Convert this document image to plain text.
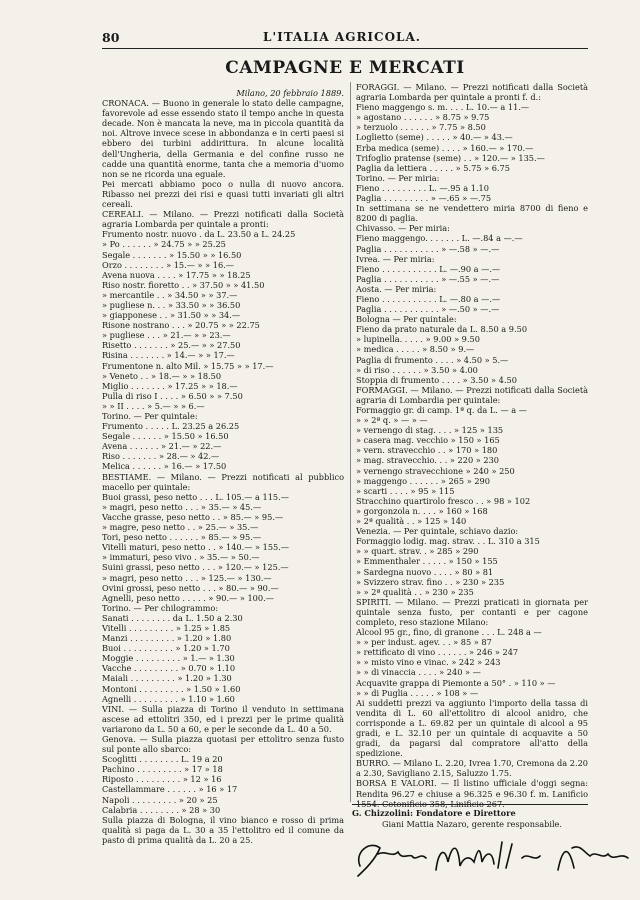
80	L'ITALIA AGRICOLA.
CAMPAGNE E MERCATI
Milano, 20 febbraio 1889.
CRONACA. — Buono in generale lo stato delle campagne, favorevole ad esse essendo stato il tempo anche in questa decade. Non è mancata la neve, ma in piccola quantità da noi. Altrove invece scese in abbondanza e in certi paesi si ebbero dei turbini addirittura. In alcune località dell'Ungheria, della Germania e del confine russo ne cadde una quantità enorme, tanta che a memoria d'uomo non se ne ricorda una eguale.
Pei mercati abbiamo poco o nulla di nuovo ancora. Ribasso nei prezzi dei risi e quasi tutti invariati gli altri cereali.
CEREALI. — Milano. — Prezzi notificati dalla Società agraria Lombarda per quintale a pronti:
Frumento nostr. nuovo . da L. 23.50 a L. 24.25
» Po . . . . . . » 24.75 » » 25.25
Segale . . . . . . . » 15.50 » » 16.50
Orzo . . . . . . . . » 15.— » » 16.—
Avena nuova . . . . » 17.75 » » 18.25
Riso nostr. fioretto . . » 37.50 » » 41.50
» mercantile . . » 34.50 » » 37.—
» pugliese n. . . » 33.50 » » 36.50
» giapponese . . » 31.50 » » 34.—
Risone nostrano . . . » 20.75 » » 22.75
» pugliese . . . » 21.— » » 23.—
Risetto . . . . . . . » 25.— » » 27.50
Risina . . . . . . . » 14.— » » 17.—
Frumentone n. alto Mil. » 15.75 » » 17.—
» Veneto . . » 18.— » » 18.50
Miglio . . . . . . . » 17.25 » » 18.—
Pulla di riso I . . . . » 6.50 » » 7.50
» » II . . . . » 5.— » » 6.—
Torino. — Per quintale:
Frumento . . . . . L. 23.25 a 26.25
Segale . . . . . . » 15.50 » 16.50
Avena . . . . . . » 21.— » 22.—
Riso . . . . . . . » 28.— » 42.—
Melica . . . . . . » 16.— » 17.50
BESTIAME. — Milano. — Prezzi notificati al pubblico macello per quintale:
Buoi grassi, peso netto . . . L. 105.— a 115.—
» magri, peso netto . . . » 35.— » 45.—
Vacche grasse, peso netto . . » 85.— » 95.—
» magre, peso netto . . » 25.— » 35.—
Tori, peso netto . . . . . . » 85.— » 95.—
Vitelli maturi, peso netto . . » 140.— » 155.—
» immaturi, peso vivo . » 35.— » 50.—
Suini grassi, peso netto . . . » 120.— » 125.—
» magri, peso netto . . . » 125.— » 130.—
Ovini grossi, peso netto . . . » 80.— » 90.—
Agnelli, peso netto . . . . . » 90.— » 100.—
Torino. — Per chilogrammo:
Sanati . . . . . . . . da L. 1.50 a 2.30
Vitelli . . . . . . . . . » 1.25 » 1.85
Manzi . . . . . . . . . » 1.20 » 1.80
Buoi . . . . . . . . . . » 1.20 » 1.70
Moggie . . . . . . . . . » 1.— » 1.30
Vacche . . . . . . . . . » 0.70 » 1.10
Maiali . . . . . . . . . » 1.20 » 1.30
Montoni . . . . . . . . . » 1.50 » 1.60
Agnelli . . . . . . . . . » 1.10 » 1.60
VINI. — Sulla piazza di Torino il venduto in settimana ascese ad ettolitri 350, ed i prezzi per le prime qualità variarono da L. 50 a 60, e per le seconde da L. 40 a 50.
Genova. — Sulla piazza quotasi per ettolitro senza fusto sul ponte allo sbarco:
Scoglitti . . . . . . . . L. 19 a 20
Pachino . . . . . . . . . » 17 » 18
Riposto . . . . . . . . . » 12 » 16
Castellammare . . . . . . » 16 » 17
Napoli . . . . . . . . . » 20 » 25
Calabria . . . . . . . . » 28 » 30
Sulla piazza di Bologna, il vino bianco e rosso di prima qualità si paga da L. 30 a 35 l'ettolitro ed il comune da pasto di prima qualità da L. 20 a 25.
FORAGGI. — Milano. — Prezzi notificati dalla Società agraria Lombarda per quintale a pronti f. d.:
Fieno maggengo s. m. . . . L. 10.— a 11.—
» agostano . . . . . . » 8.75 » 9.75
» terzuolo . . . . . . » 7.75 » 8.50
Loglietto (seme) . . . . . » 40.— » 43.—
Erba medica (seme) . . . . » 160.— » 170.—
Trifoglio pratense (seme) . . » 120.— » 135.—
Paglia da lettiera . . . . . » 5.75 » 6.75
Torino. — Per miria:
Fieno . . . . . . . . . L. —.95 a 1.10
Paglia . . . . . . . . . » —.65 » —.75
In settimana se ne vendettero miria 8700 di fieno e 8200 di paglia.
Chivasso. — Per miria:
Fieno maggengo. . . . . . . L. —.84 a —.—
Paglia . . . . . . . . . . . » —.58 » —.—
Ivrea. — Per miria:
Fieno . . . . . . . . . . . L. —.90 a —.—
Paglia . . . . . . . . . . . » —.55 » —.—
Aosta. — Per miria:
Fieno . . . . . . . . . . . L. —.80 a —.—
Paglia . . . . . . . . . . . » —.50 » —.—
Bologna — Per quintale:
Fieno da prato naturale da L. 8.50 a 9.50
» lupinella. . . . . » 9.00 » 9.50
» medica . . . . . » 8.50 » 9.—
Paglia di frumento . . . . » 4.50 » 5.—
» di riso . . . . . . » 3.50 » 4.00
Stoppia di frumento . . . . » 3.50 » 4.50
FORMAGGI. — Milano. — Prezzi notificati dalla Società agraria di Lombardia per quintale:
Formaggio gr. di camp. 1ª q. da L. — a —
» » 2ª q. » — » —
» vernengo di stag. . . . » 125 » 135
» casera mag. vecchio » 150 » 165
» vern. stravecchio . . » 170 » 180
» mag. stravecchio. . . » 220 » 230
» vernengo stravecchione » 240 » 250
» maggengo . . . . . . » 265 » 290
» scarti . . . . » 95 » 115
Stracchino quartirolo fresco . . » 98 » 102
» gorgonzola n. . . . » 160 » 168
» 2ª qualità . . » 125 » 140
Venezia. — Per quintale, schiavo dazio:
Formaggio lodig. mag. strav. . . L. 310 a 315
» » quart. strav. . » 285 » 290
» Emmenthaler . . . . . » 150 » 155
» Sardegna nuovo . . . . » 80 » 81
» Svizzero strav. fino . . » 230 » 235
» » 2ª qualità . . » 230 » 235
SPIRITI. — Milano. — Prezzi praticati in giornata per quintale senza fusto, per contanti e per cagone completo, reso stazione Milano:
Alcool 95 gr., fino, di granone . . . L. 248 a —
» » per indust. agev. . . » 85 » 87
» rettificato di vino . . . . . . » 246 » 247
» » misto vino e vinac. » 242 » 243
» » di vinaccia . . . . » 240 » —
Acquavite grappa di Piemonte a 50° . » 110 » —
» » di Puglia . . . . . » 108 » —
Ai suddetti prezzi va aggiunto l'importo della tassa di vendita di L. 60 all'ettolitro di alcool anidro, che corrisponde a L. 69.82 per un quintale di alcool a 95 gradi, e L. 32.10 per un quintale di acquavite a 50 gradi, da pagarsi dal compratore all'atto della spedizione.
BURRO. — Milano L. 2.20, Ivrea 1.70, Cremona da 2.20 a 2.30, Savigliano 2.15, Saluzzo 1.75.
BORSA E VALORI. — Il listino ufficiale d'oggi segna: Rendita 96.27 e chiuse a 96.325 e 96.30 f. m. Lanificio 1554. Cotonificio 358, Linificio 267.
G. Chizzolini: Fondatore e Direttore
Giani Mattia Nazaro, gerente responsabile.
